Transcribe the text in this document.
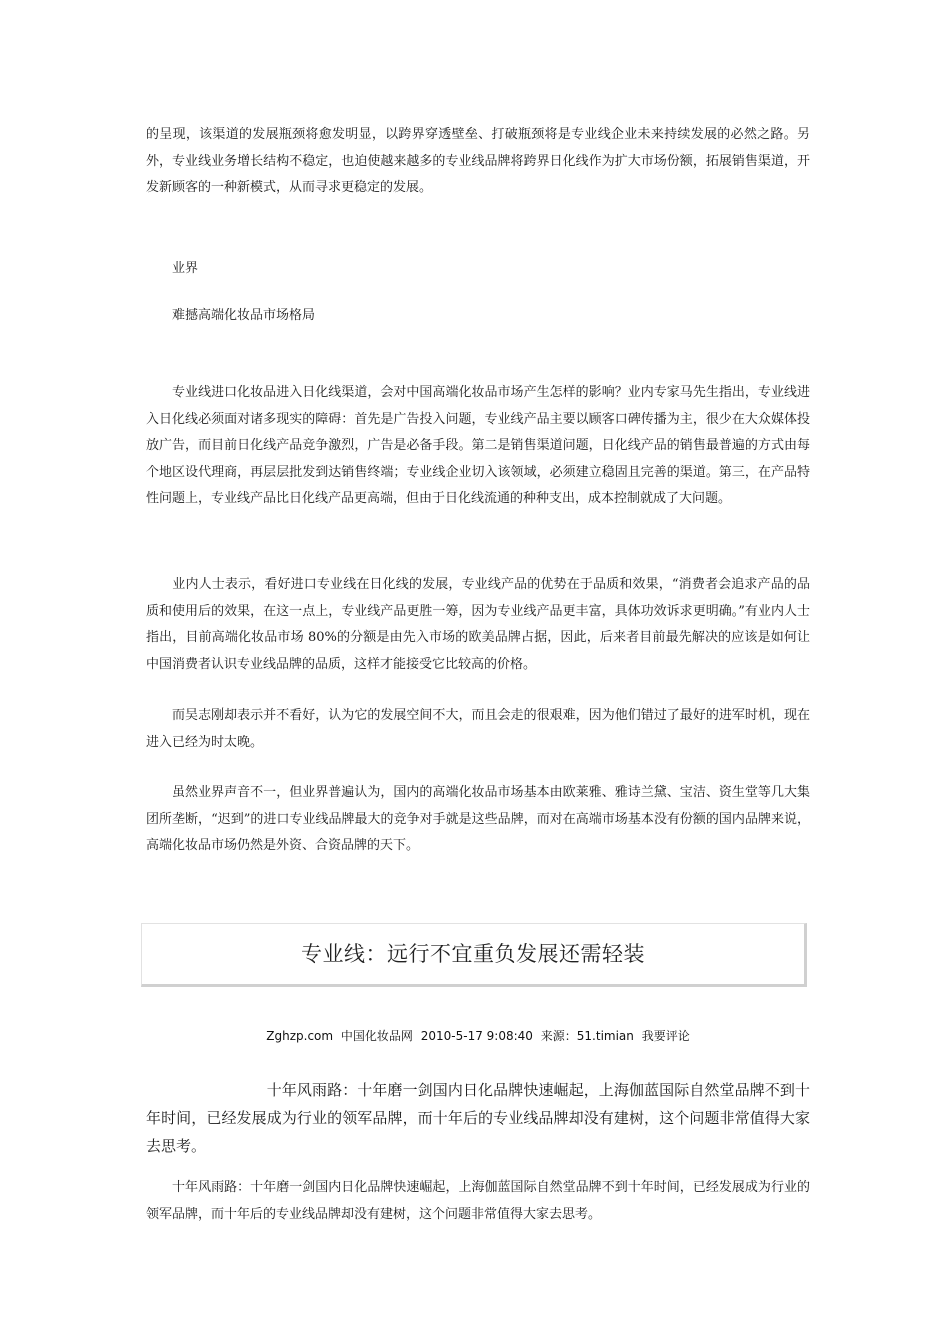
的呈现，该渠道的发展瓶颈将愈发明显，以跨界穿透壁垒、打破瓶颈将是专业线企业未来持续发展的必然之路。另外，专业线业务增长结构不稳定，也迫使越来越多的专业线品牌将跨界日化线作为扩大市场份额，拓展销售渠道，开发新顾客的一种新模式，从而寻求更稳定的发展。

业界

难撼高端化妆品市场格局

　　专业线进口化妆品进入日化线渠道，会对中国高端化妆品市场产生怎样的影响？业内专家马先生指出，专业线进入日化线必须面对诸多现实的障碍：首先是广告投入问题，专业线产品主要以顾客口碑传播为主，很少在大众媒体投放广告，而目前日化线产品竞争激烈，广告是必备手段。第二是销售渠道问题，日化线产品的销售最普遍的方式由每个地区设代理商，再层层批发到达销售终端；专业线企业切入该领域，必须建立稳固且完善的渠道。第三，在产品特性问题上，专业线产品比日化线产品更高端，但由于日化线流通的种种支出，成本控制就成了大问题。

　　业内人士表示，看好进口专业线在日化线的发展，专业线产品的优势在于品质和效果，“消费者会追求产品的品质和使用后的效果，在这一点上，专业线产品更胜一筹，因为专业线产品更丰富，具体功效诉求更明确。”有业内人士指出，目前高端化妆品市场 80%的分额是由先入市场的欧美品牌占据，因此，后来者目前最先解决的应该是如何让中国消费者认识专业线品牌的品质，这样才能接受它比较高的价格。

　　而吴志刚却表示并不看好，认为它的发展空间不大，而且会走的很艰难，因为他们错过了最好的进军时机，现在进入已经为时太晚。

　　虽然业界声音不一，但业界普遍认为，国内的高端化妆品市场基本由欧莱雅、雅诗兰黛、宝洁、资生堂等几大集团所垄断，“迟到”的进口专业线品牌最大的竞争对手就是这些品牌，而对在高端市场基本没有份额的国内品牌来说，高端化妆品市场仍然是外资、合资品牌的天下。

专业线：远行不宜重负发展还需轻装
Zghzp.com 中国化妆品网 2010-5-17 9:08:40 来源：51.timian 我要评论

　　　　　　　　十年风雨路：十年磨一剑国内日化品牌快速崛起，上海伽蓝国际自然堂品牌不到十年时间，已经发展成为行业的领军品牌，而十年后的专业线品牌却没有建树，这个问题非常值得大家去思考。

　　十年风雨路：十年磨一剑国内日化品牌快速崛起，上海伽蓝国际自然堂品牌不到十年时间，已经发展成为行业的领军品牌，而十年后的专业线品牌却没有建树，这个问题非常值得大家去思考。
